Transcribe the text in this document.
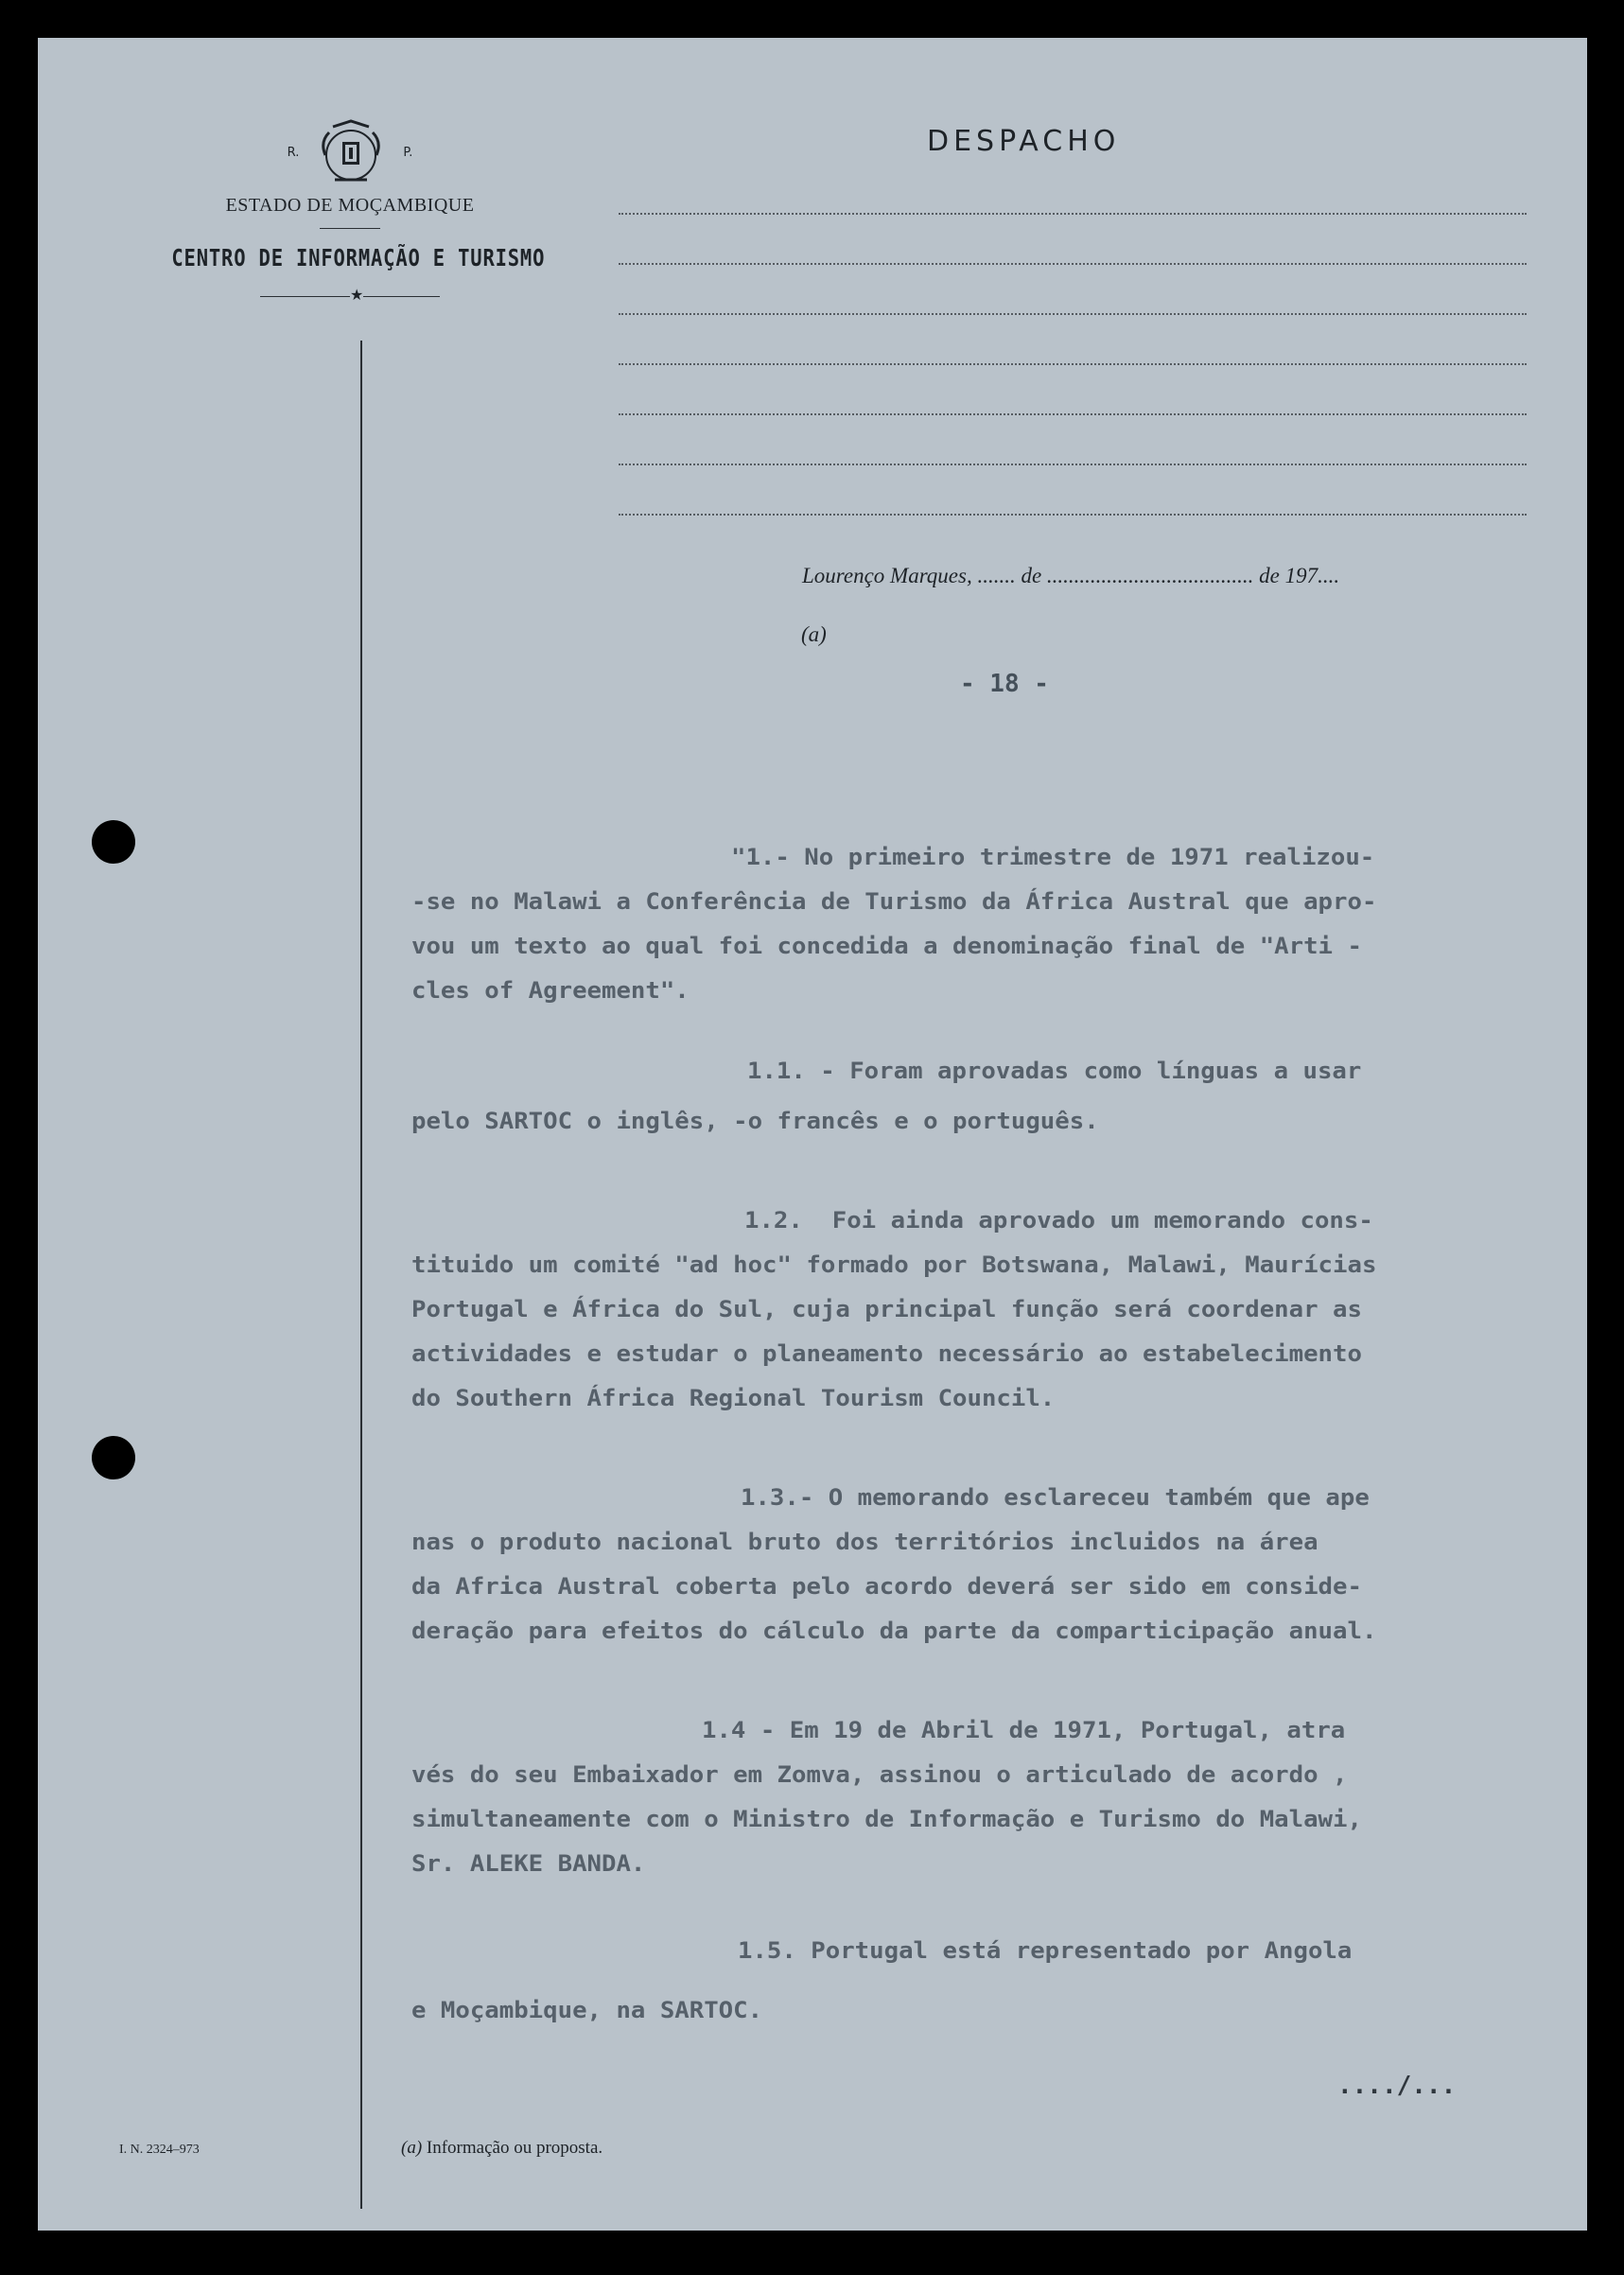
R.	P.
ESTADO DE MOÇAMBIQUE
CENTRO DE INFORMAÇÃO E TURISMO
★
DESPACHO
Lourenço Marques, ....... de ...................................... de 197....
(a)
- 18 -
"1.- No primeiro trimestre de 1971 realizou-
-se no Malawi a Conferência de Turismo da África Austral que apro-
vou um texto ao qual foi concedida a denominação final de "Arti -
cles of Agreement".
1.1. - Foram aprovadas como línguas a usar
pelo SARTOC o inglês, -o francês e o português.
1.2.  Foi ainda aprovado um memorando cons-
tituido um comité "ad hoc" formado por Botswana, Malawi, Maurícias
Portugal e África do Sul, cuja principal função será coordenar as
actividades e estudar o planeamento necessário ao estabelecimento
do Southern África Regional Tourism Council.
1.3.- O memorando esclareceu também que ape
nas o produto nacional bruto dos territórios incluidos na área
da Africa Austral coberta pelo acordo deverá ser sido em conside-
deração para efeitos do cálculo da parte da comparticipação anual.
1.4 - Em 19 de Abril de 1971, Portugal, atra
vés do seu Embaixador em Zomva, assinou o articulado de acordo ,
simultaneamente com o Ministro de Informação e Turismo do Malawi,
Sr. ALEKE BANDA.
1.5. Portugal está representado por Angola
e Moçambique, na SARTOC.
..../...
I. N. 2324–973	(a) Informação ou proposta.
